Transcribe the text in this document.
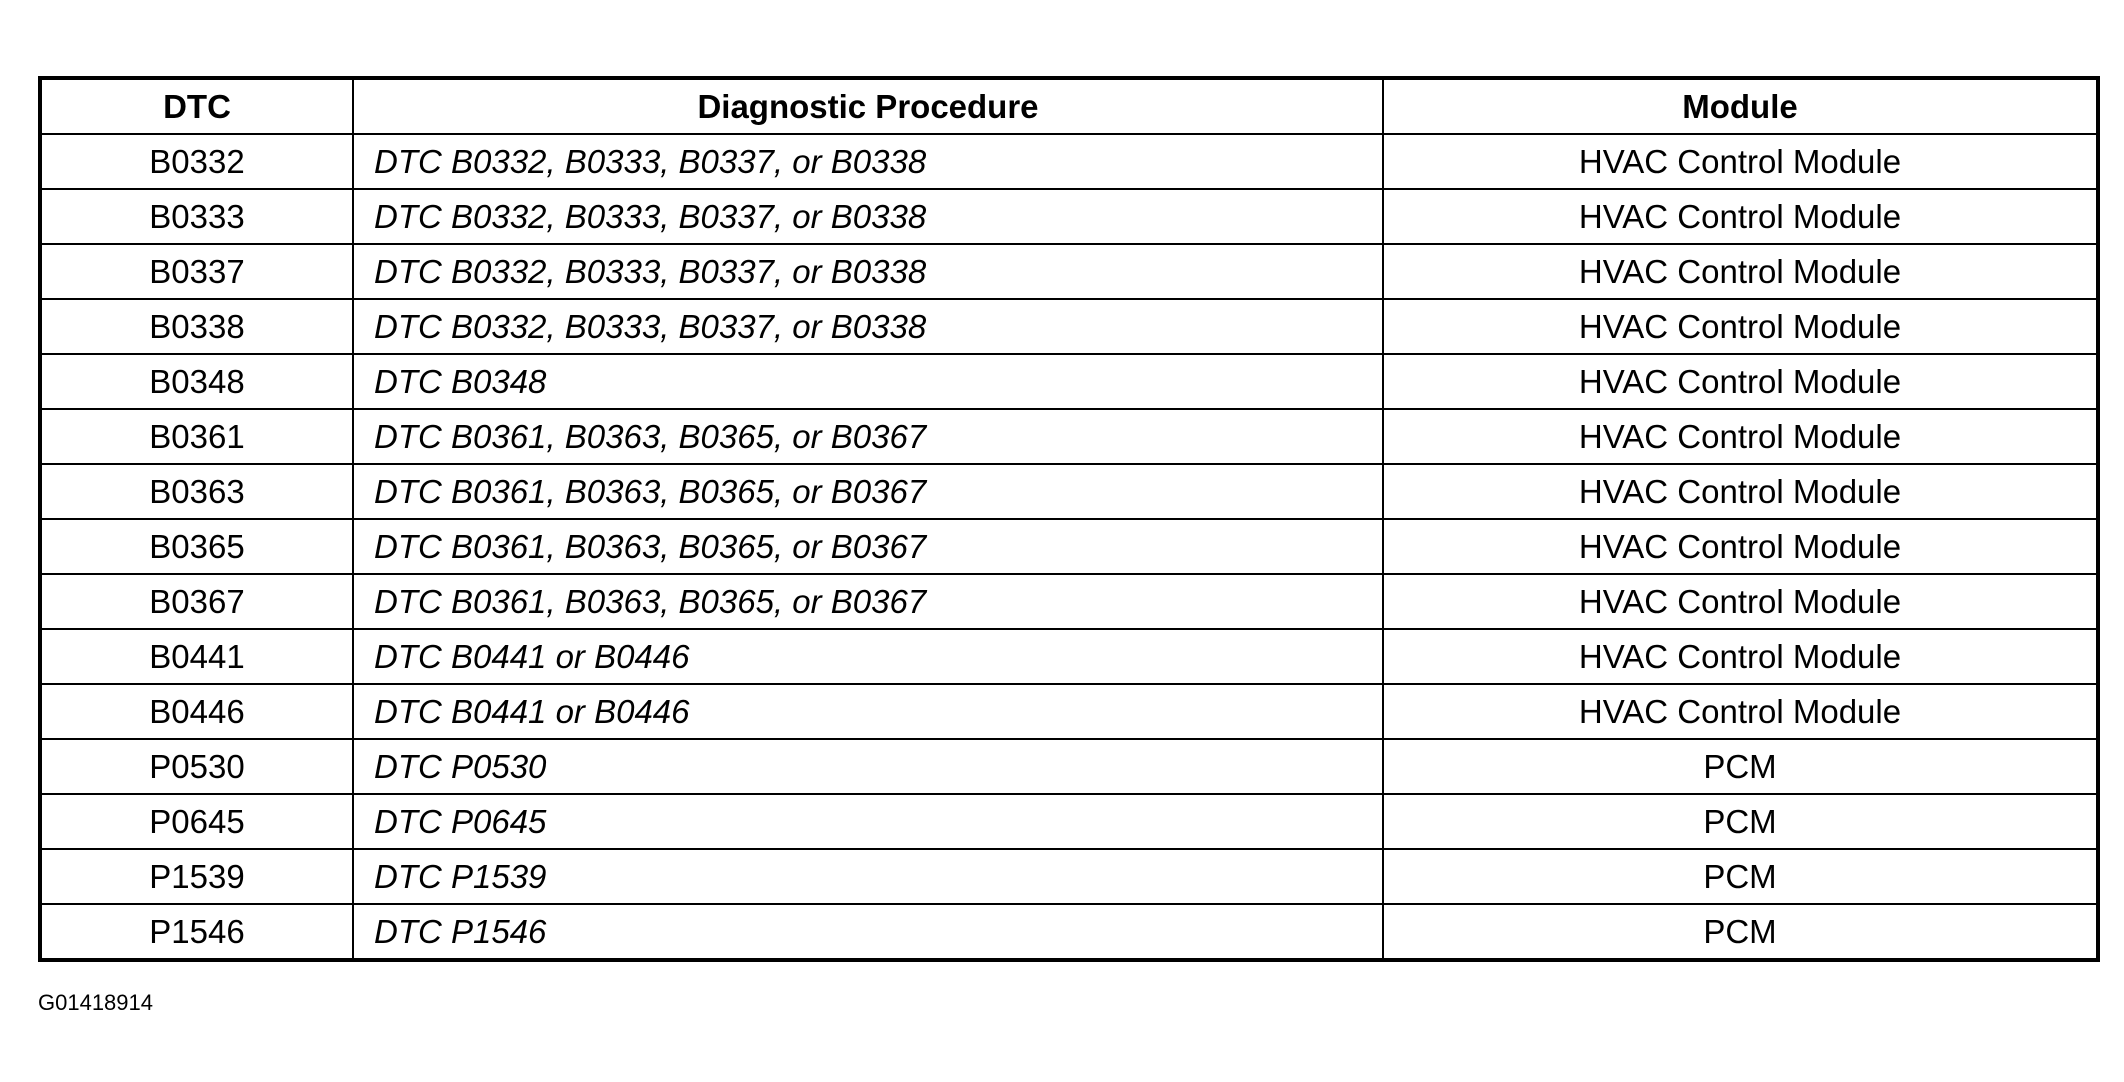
DTC	Diagnostic Procedure	Module
B0332	DTC B0332, B0333, B0337, or B0338	HVAC Control Module
B0333	DTC B0332, B0333, B0337, or B0338	HVAC Control Module
B0337	DTC B0332, B0333, B0337, or B0338	HVAC Control Module
B0338	DTC B0332, B0333, B0337, or B0338	HVAC Control Module
B0348	DTC B0348	HVAC Control Module
B0361	DTC B0361, B0363, B0365, or B0367	HVAC Control Module
B0363	DTC B0361, B0363, B0365, or B0367	HVAC Control Module
B0365	DTC B0361, B0363, B0365, or B0367	HVAC Control Module
B0367	DTC B0361, B0363, B0365, or B0367	HVAC Control Module
B0441	DTC B0441 or B0446	HVAC Control Module
B0446	DTC B0441 or B0446	HVAC Control Module
P0530	DTC P0530	PCM
P0645	DTC P0645	PCM
P1539	DTC P1539	PCM
P1546	DTC P1546	PCM
G01418914
